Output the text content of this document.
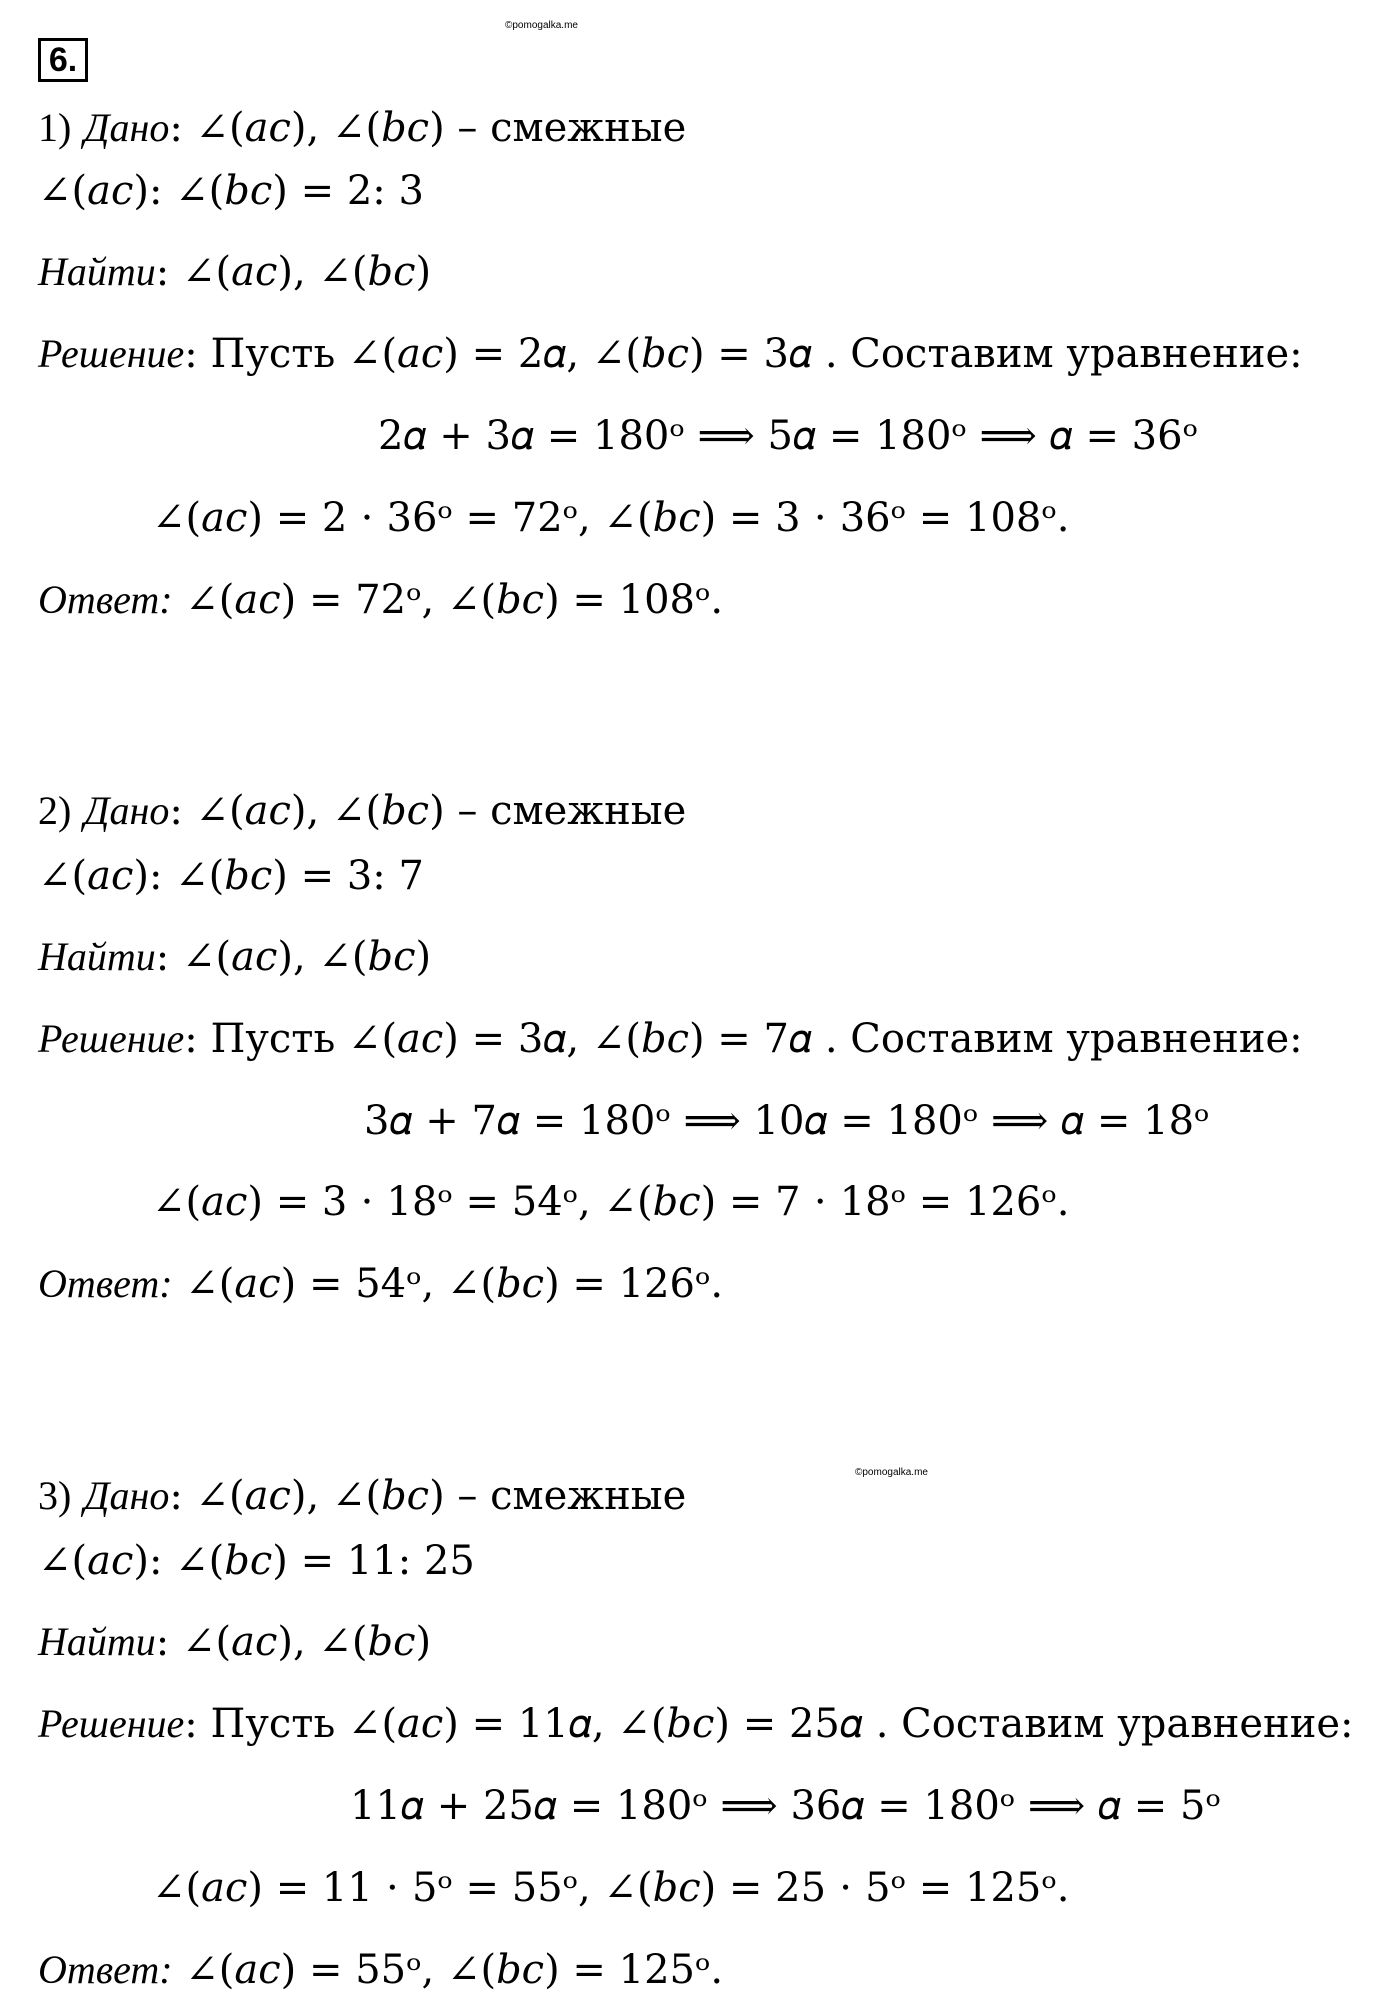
©pomogalka.me
©pomogalka.me
6.
1) Дано: ∠(𝑎𝑐), ∠(𝑏𝑐) – смежные
∠(𝑎𝑐): ∠(𝑏𝑐) = 2: 3
Найти: ∠(𝑎𝑐), ∠(𝑏𝑐)
Решение: Пусть ∠(𝑎𝑐) = 2𝛼, ∠(𝑏𝑐) = 3𝛼 . Составим уравнение:
2𝛼 + 3𝛼 = 180ᵒ ⟹ 5𝛼 = 180ᵒ ⟹ 𝛼 = 36ᵒ
∠(𝑎𝑐) = 2 ⋅ 36ᵒ = 72ᵒ, ∠(𝑏𝑐) = 3 ⋅ 36ᵒ = 108ᵒ.
Ответ: ∠(𝑎𝑐) = 72ᵒ, ∠(𝑏𝑐) = 108ᵒ.
2) Дано: ∠(𝑎𝑐), ∠(𝑏𝑐) – смежные
∠(𝑎𝑐): ∠(𝑏𝑐) = 3: 7
Найти: ∠(𝑎𝑐), ∠(𝑏𝑐)
Решение: Пусть ∠(𝑎𝑐) = 3𝛼, ∠(𝑏𝑐) = 7𝛼 . Составим уравнение:
3𝛼 + 7𝛼 = 180ᵒ ⟹ 10𝛼 = 180ᵒ ⟹ 𝛼 = 18ᵒ
∠(𝑎𝑐) = 3 ⋅ 18ᵒ = 54ᵒ, ∠(𝑏𝑐) = 7 ⋅ 18ᵒ = 126ᵒ.
Ответ: ∠(𝑎𝑐) = 54ᵒ, ∠(𝑏𝑐) = 126ᵒ.
3) Дано: ∠(𝑎𝑐), ∠(𝑏𝑐) – смежные
∠(𝑎𝑐): ∠(𝑏𝑐) = 11: 25
Найти: ∠(𝑎𝑐), ∠(𝑏𝑐)
Решение: Пусть ∠(𝑎𝑐) = 11𝛼, ∠(𝑏𝑐) = 25𝛼 . Составим уравнение:
11𝛼 + 25𝛼 = 180ᵒ ⟹ 36𝛼 = 180ᵒ ⟹ 𝛼 = 5ᵒ
∠(𝑎𝑐) = 11 ⋅ 5ᵒ = 55ᵒ, ∠(𝑏𝑐) = 25 ⋅ 5ᵒ = 125ᵒ.
Ответ: ∠(𝑎𝑐) = 55ᵒ, ∠(𝑏𝑐) = 125ᵒ.
